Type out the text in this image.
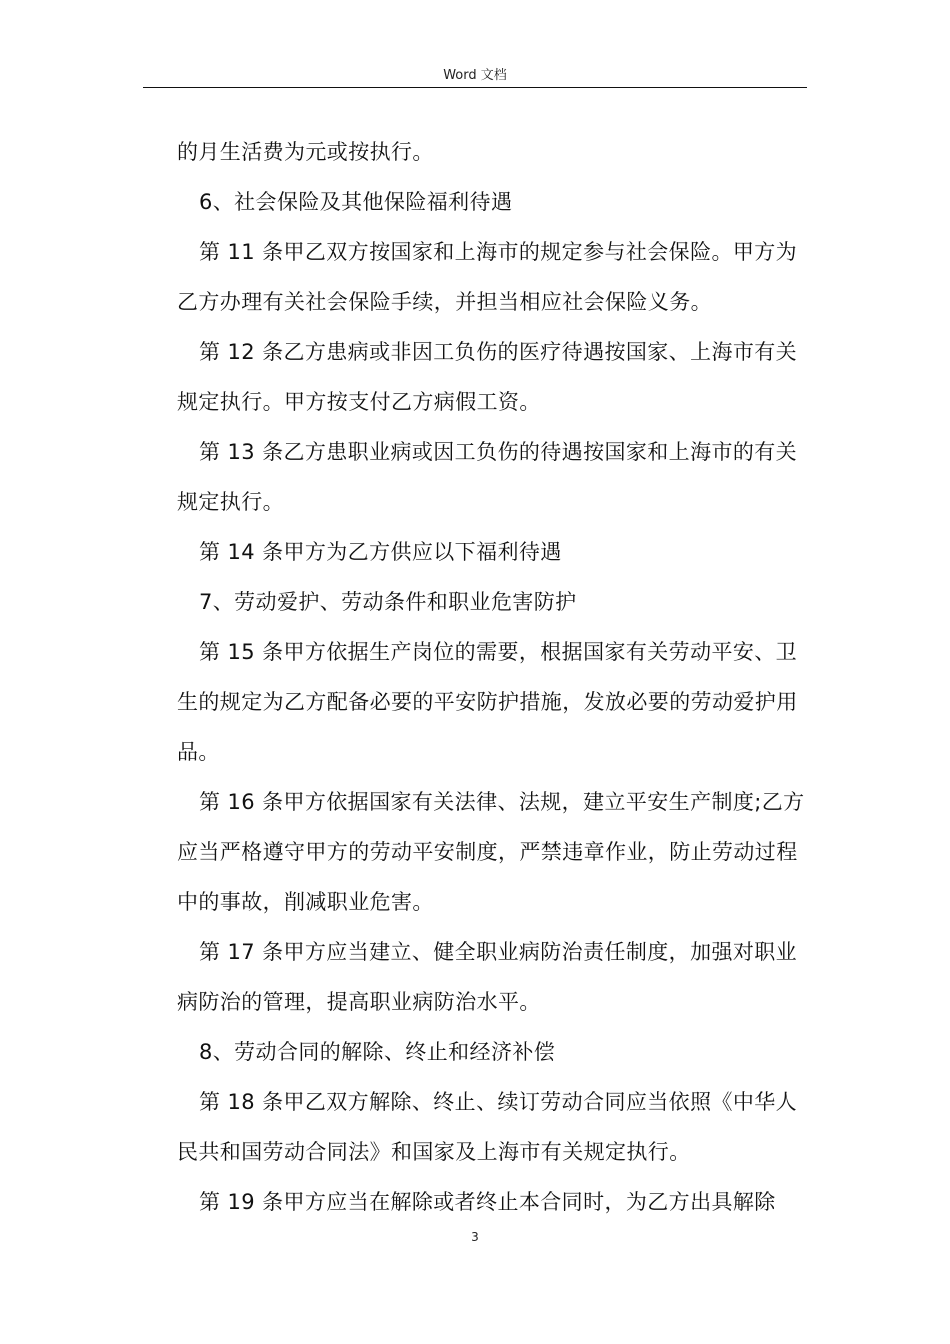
Word 文档

的月生活费为元或按执行。

6、社会保险及其他保险福利待遇

第 11 条甲乙双方按国家和上海市的规定参与社会保险。甲方为乙方办理有关社会保险手续，并担当相应社会保险义务。

第 12 条乙方患病或非因工负伤的医疗待遇按国家、上海市有关规定执行。甲方按支付乙方病假工资。

第 13 条乙方患职业病或因工负伤的待遇按国家和上海市的有关规定执行。

第 14 条甲方为乙方供应以下福利待遇

7、劳动爱护、劳动条件和职业危害防护

第 15 条甲方依据生产岗位的需要，根据国家有关劳动平安、卫生的规定为乙方配备必要的平安防护措施，发放必要的劳动爱护用品。

第 16 条甲方依据国家有关法律、法规，建立平安生产制度;乙方应当严格遵守甲方的劳动平安制度，严禁违章作业，防止劳动过程中的事故，削减职业危害。

第 17 条甲方应当建立、健全职业病防治责任制度，加强对职业病防治的管理，提高职业病防治水平。

8、劳动合同的解除、终止和经济补偿

第 18 条甲乙双方解除、终止、续订劳动合同应当依照《中华人民共和国劳动合同法》和国家及上海市有关规定执行。

第 19 条甲方应当在解除或者终止本合同时，为乙方出具解除

3
